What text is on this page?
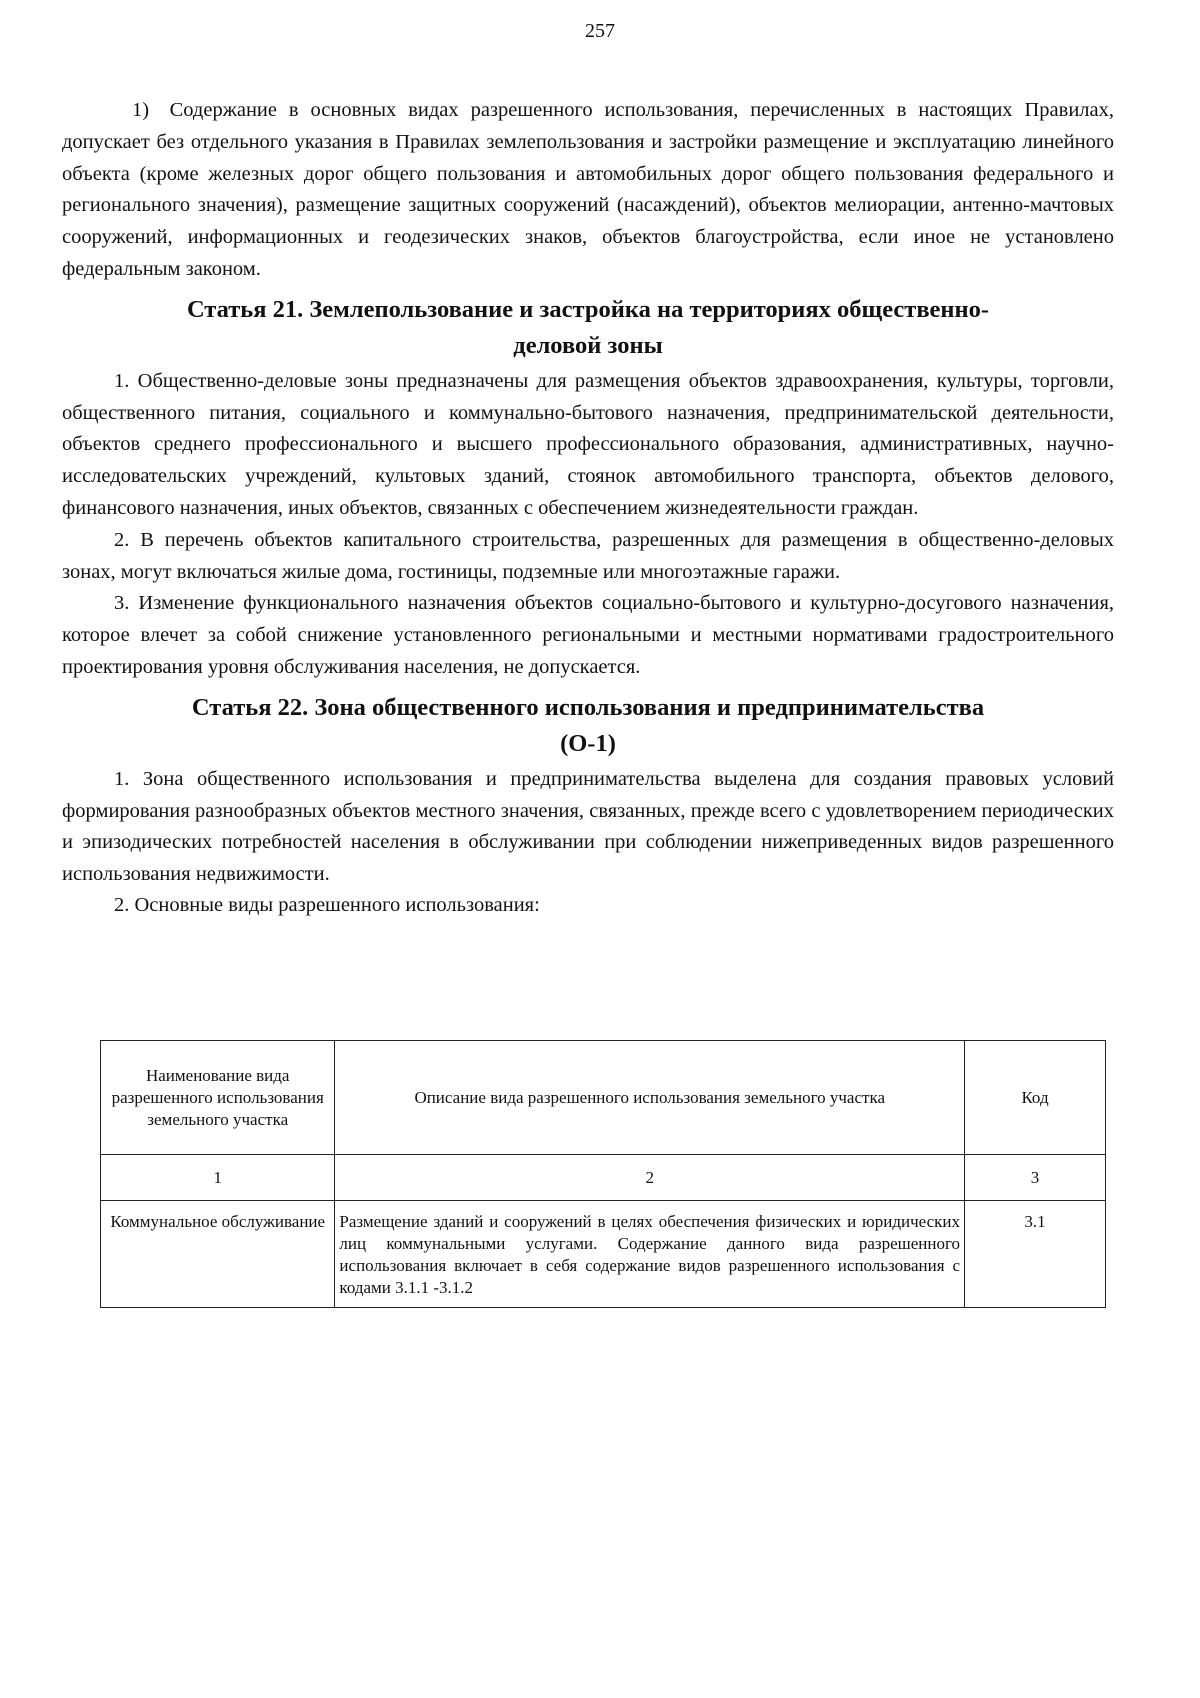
257

1)  Содержание в основных видах разрешенного использования, перечисленных в настоящих Правилах, допускает без отдельного указания в Правилах землепользования и застройки размещение и эксплуатацию линейного объекта (кроме железных дорог общего пользования и автомобильных дорог общего пользования федерального и регионального значения), размещение защитных сооружений (насаждений), объектов мелиорации, антенно-мачтовых сооружений, информационных и геодезических знаков, объектов благоустройства, если иное не установлено федеральным законом.

Статья 21. Землепользование и застройка на территориях общественно-
деловой зоны

1. Общественно-деловые зоны предназначены для размещения объектов здравоохранения, культуры, торговли, общественного питания, социального и коммунально-бытового назначения, предпринимательской деятельности, объектов среднего профессионального и высшего профессионального образования, административных, научно-исследовательских учреждений, культовых зданий, стоянок автомобильного транспорта, объектов делового, финансового назначения, иных объектов, связанных с обеспечением жизнедеятельности граждан.

2. В перечень объектов капитального строительства, разрешенных для размещения в общественно-деловых зонах, могут включаться жилые дома, гостиницы, подземные или многоэтажные гаражи.

3. Изменение функционального назначения объектов социально-бытового и культурно-досугового назначения, которое влечет за собой снижение установленного региональными и местными нормативами градостроительного проектирования уровня обслуживания населения, не допускается.

Статья 22. Зона общественного использования и предпринимательства
(О-1)

1. Зона общественного использования и предпринимательства выделена для создания правовых условий формирования разнообразных объектов местного значения, связанных, прежде всего с удовлетворением периодических и эпизодических потребностей населения в обслуживании при соблюдении нижеприведенных видов разрешенного использования недвижимости.

2. Основные виды разрешенного использования:

Наименование вида разрешенного использования земельного участка	Описание вида разрешенного использования земельного участка	Код
1	2	3
Коммунальное обслуживание	Размещение зданий и сооружений в целях обеспечения физических и юридических лиц коммунальными услугами. Содержание данного вида разрешенного использования включает в себя содержание видов разрешенного использования с кодами 3.1.1 -3.1.2	3.1
